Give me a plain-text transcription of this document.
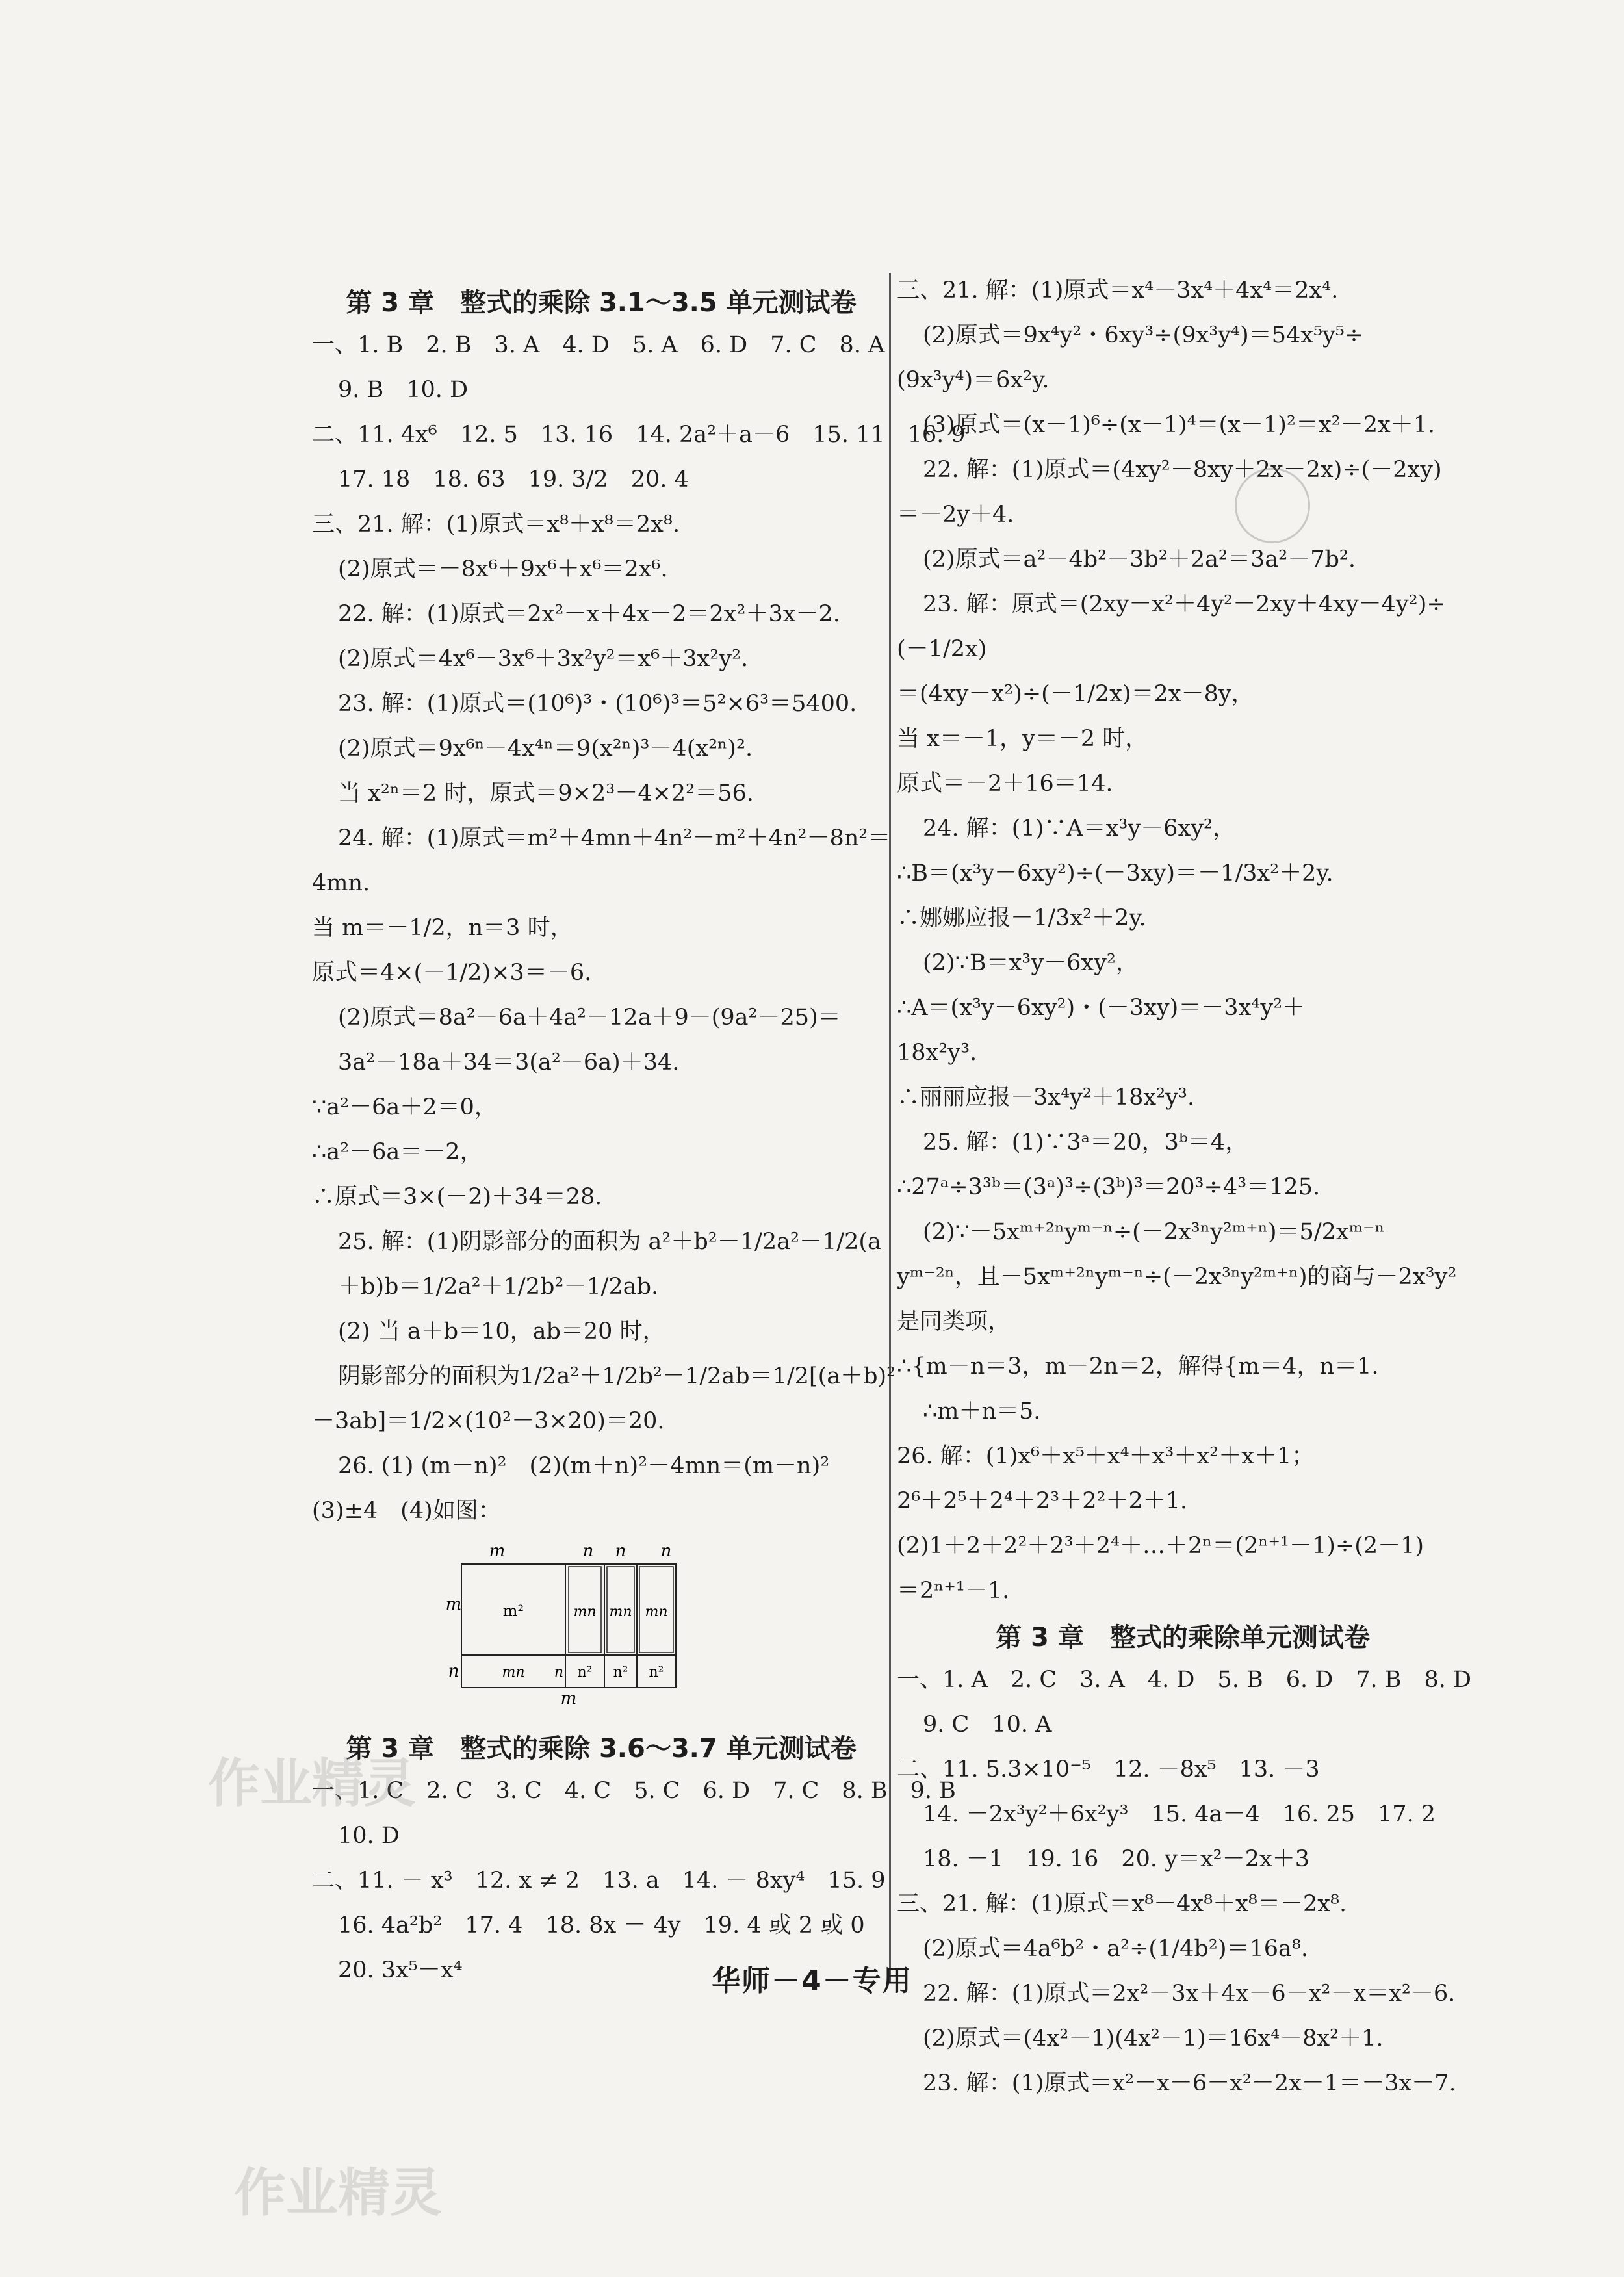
第 3 章　整式的乘除 3.1～3.5 单元测试卷
一、1. B　2. B　3. A　4. D　5. A　6. D　7. C　8. A
9. B　10. D
二、11. 4x⁶　12. 5　13. 16　14. 2a²＋a－6　15. 11　16. 9
17. 18　18. 63　19. 3/2　20. 4
三、21. 解：(1)原式＝x⁸＋x⁸＝2x⁸.
(2)原式＝－8x⁶＋9x⁶＋x⁶＝2x⁶.
22. 解：(1)原式＝2x²－x＋4x－2＝2x²＋3x－2.
(2)原式＝4x⁶－3x⁶＋3x²y²＝x⁶＋3x²y².
23. 解：(1)原式＝(10⁶)³・(10⁶)³＝5²×6³＝5400.
(2)原式＝9x⁶ⁿ－4x⁴ⁿ＝9(x²ⁿ)³－4(x²ⁿ)².
当 x²ⁿ＝2 时，原式＝9×2³－4×2²＝56.
24. 解：(1)原式＝m²＋4mn＋4n²－m²＋4n²－8n²＝
4mn.
当 m＝－1/2，n＝3 时，
原式＝4×(－1/2)×3＝－6.
(2)原式＝8a²－6a＋4a²－12a＋9－(9a²－25)＝
3a²－18a＋34＝3(a²－6a)＋34.
∵a²－6a＋2＝0，
∴a²－6a＝－2，
∴原式＝3×(－2)＋34＝28.
25. 解：(1)阴影部分的面积为 a²＋b²－1/2a²－1/2(a
＋b)b＝1/2a²＋1/2b²－1/2ab.
(2) 当 a＋b＝10，ab＝20 时，
阴影部分的面积为1/2a²＋1/2b²－1/2ab＝1/2[(a＋b)²
－3ab]＝1/2×(10²－3×20)＝20.
26. (1) (m－n)²　(2)(m＋n)²－4mn＝(m－n)²
(3)±4　(4)如图：
m	n n n
m
n
m²	mn mn mn
mn n n² n² n²
m
第 3 章　整式的乘除 3.6～3.7 单元测试卷
一、1. C　2. C　3. C　4. C　5. C　6. D　7. C　8. B　9. B
10. D
二、11. － x³　12. x ≠ 2　13. a　14. － 8xy⁴　15. 9
16. 4a²b²　17. 4　18. 8x － 4y　19. 4 或 2 或 0
20. 3x⁵－x⁴
三、21. 解：(1)原式＝x⁴－3x⁴＋4x⁴＝2x⁴.
(2)原式＝9x⁴y²・6xy³÷(9x³y⁴)＝54x⁵y⁵÷
(9x³y⁴)＝6x²y.
(3)原式＝(x－1)⁶÷(x－1)⁴＝(x－1)²＝x²－2x＋1.
22. 解：(1)原式＝(4xy²－8xy＋2x－2x)÷(－2xy)
＝－2y＋4.
(2)原式＝a²－4b²－3b²＋2a²＝3a²－7b².
23. 解：原式＝(2xy－x²＋4y²－2xy＋4xy－4y²)÷
(－1/2x)
＝(4xy－x²)÷(－1/2x)＝2x－8y，
当 x＝－1，y＝－2 时，
原式＝－2＋16＝14.
24. 解：(1)∵A＝x³y－6xy²，
∴B＝(x³y－6xy²)÷(－3xy)＝－1/3x²＋2y.
∴娜娜应报－1/3x²＋2y.
(2)∵B＝x³y－6xy²，
∴A＝(x³y－6xy²)・(－3xy)＝－3x⁴y²＋
18x²y³.
∴丽丽应报－3x⁴y²＋18x²y³.
25. 解：(1)∵3ᵃ＝20，3ᵇ＝4，
∴27ᵃ÷3³ᵇ＝(3ᵃ)³÷(3ᵇ)³＝20³÷4³＝125.
(2)∵－5xᵐ⁺²ⁿyᵐ⁻ⁿ÷(－2x³ⁿy²ᵐ⁺ⁿ)＝5/2xᵐ⁻ⁿ
yᵐ⁻²ⁿ，且－5xᵐ⁺²ⁿyᵐ⁻ⁿ÷(－2x³ⁿy²ᵐ⁺ⁿ)的商与－2x³y²
是同类项，
∴{m－n＝3，m－2n＝2，解得{m＝4，n＝1.
∴m＋n＝5.
26. 解：(1)x⁶＋x⁵＋x⁴＋x³＋x²＋x＋1；
2⁶＋2⁵＋2⁴＋2³＋2²＋2＋1.
(2)1＋2＋2²＋2³＋2⁴＋…＋2ⁿ＝(2ⁿ⁺¹－1)÷(2－1)
＝2ⁿ⁺¹－1.
第 3 章　整式的乘除单元测试卷
一、1. A　2. C　3. A　4. D　5. B　6. D　7. B　8. D
9. C　10. A
二、11. 5.3×10⁻⁵　12. －8x⁵　13. －3
14. －2x³y²＋6x²y³　15. 4a－4　16. 25　17. 2
18. －1　19. 16　20. y＝x²－2x＋3
三、21. 解：(1)原式＝x⁸－4x⁸＋x⁸＝－2x⁸.
(2)原式＝4a⁶b²・a²÷(1/4b²)＝16a⁸.
22. 解：(1)原式＝2x²－3x＋4x－6－x²－x＝x²－6.
(2)原式＝(4x²－1)(4x²－1)＝16x⁴－8x²＋1.
23. 解：(1)原式＝x²－x－6－x²－2x－1＝－3x－7.
华师－4－专用
作业精灵
作业精灵
